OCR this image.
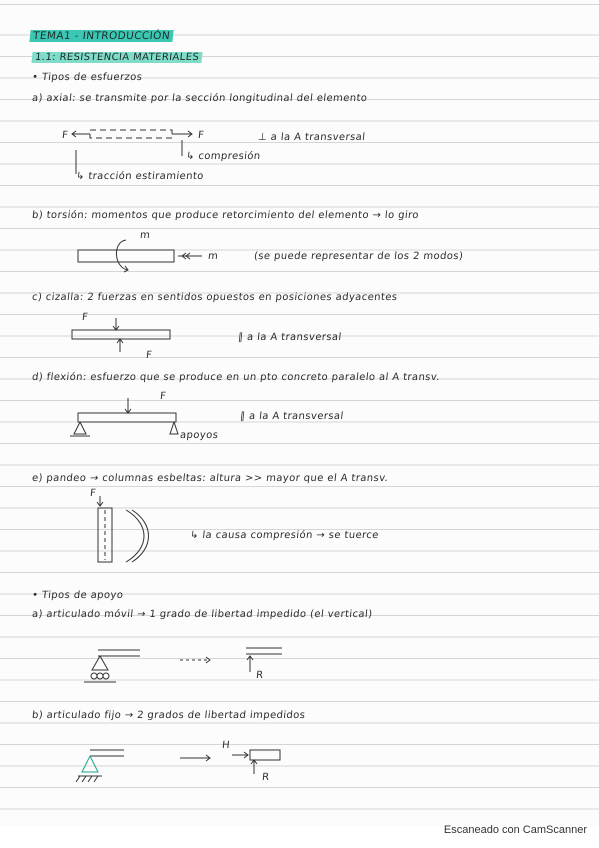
TEMA1 - INTRODUCCIÓN
1.1: RESISTENCIA MATERIALES
• Tipos de esfuerzos
a) axial: se transmite por la sección longitudinal del elemento
F	F	⊥ a la A transversal
↳ compresión
↳ tracción estiramiento
b) torsión: momentos que produce retorcimiento del elemento → lo giro
m
m	(se puede representar de los 2 modos)
c) cizalla: 2 fuerzas en sentidos opuestos en posiciones adyacentes
F
F
∥ a la A transversal
d) flexión: esfuerzo que se produce en un pto concreto paralelo al A transv.
F
∥ a la A transversal
apoyos
e) pandeo → columnas esbeltas: altura >> mayor que el A transv.
F
↳ la causa compresión → se tuerce
• Tipos de apoyo
a) articulado móvil → 1 grado de libertad impedido (el vertical)
R
b) articulado fijo → 2 grados de libertad impedidos
H
R
Escaneado con CamScanner
